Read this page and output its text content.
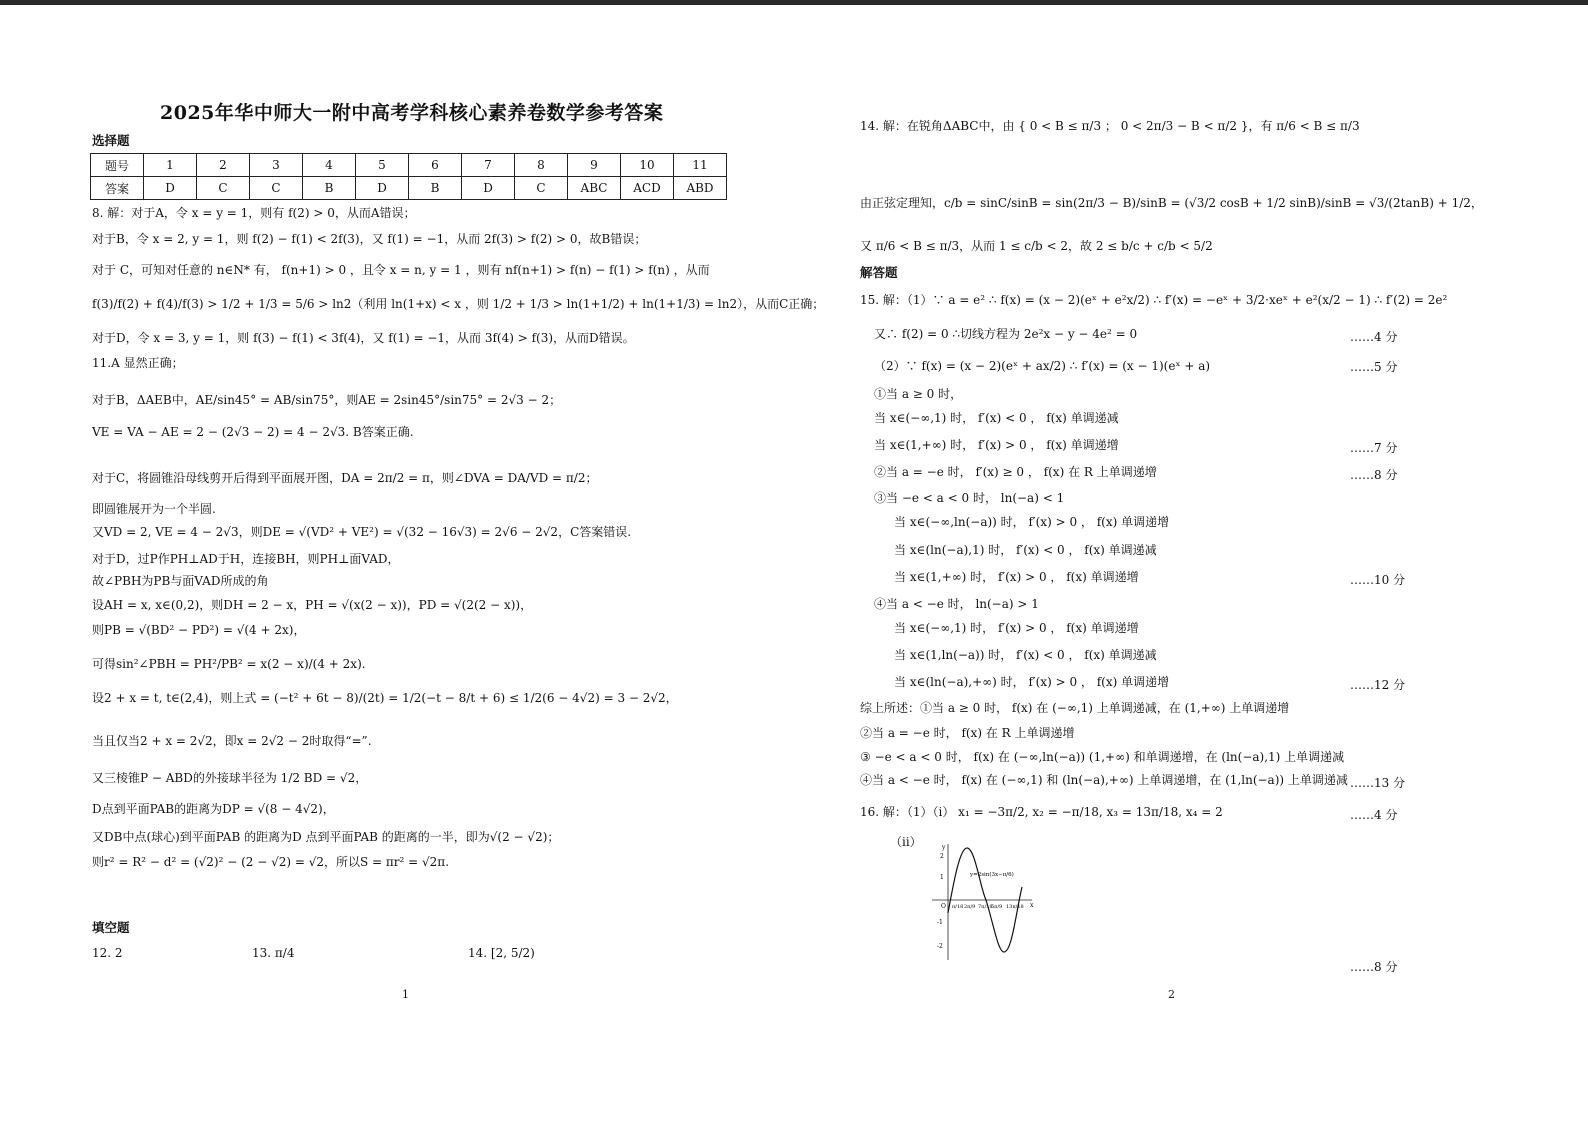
2025年华中师大一附中高考学科核心素养卷数学参考答案
选择题
题号	1	2	3	4	5	6	7	8	9	10	11
答案	D	C	C	B	D	B	D	C	ABC	ACD	ABD
8. 解：对于A，令 x = y = 1，则有 f(2) > 0，从而A错误；
对于B，令 x = 2, y = 1，则 f(2) − f(1) < 2f(3)，又 f(1) = −1，从而 2f(3) > f(2) > 0，故B错误；
对于 C，可知对任意的 n∈N* 有， f(n+1) > 0 ，且令 x = n, y = 1 ，则有 nf(n+1) > f(n) − f(1) > f(n) ，从而
f(3)/f(2) + f(4)/f(3) > 1/2 + 1/3 = 5/6 > ln2（利用 ln(1+x) < x ，则 1/2 + 1/3 > ln(1+1/2) + ln(1+1/3) = ln2），从而C正确；
对于D，令 x = 3, y = 1，则 f(3) − f(1) < 3f(4)，又 f(1) = −1，从而 3f(4) > f(3)，从而D错误。
11.A 显然正确；
对于B，ΔAEB中，AE/sin45° = AB/sin75°，则AE = 2sin45°/sin75° = 2√3 − 2；
VE = VA − AE = 2 − (2√3 − 2) = 4 − 2√3. B答案正确.
对于C，将圆锥沿母线剪开后得到平面展开图，DA = 2π/2 = π，则∠DVA = DA/VD = π/2；
即圆锥展开为一个半圆.
又VD = 2, VE = 4 − 2√3，则DE = √(VD² + VE²) = √(32 − 16√3) = 2√6 − 2√2，C答案错误.
对于D，过P作PH⊥AD于H，连接BH，则PH⊥面VAD，
故∠PBH为PB与面VAD所成的角
设AH = x, x∈(0,2)，则DH = 2 − x，PH = √(x(2 − x))，PD = √(2(2 − x))，
则PB = √(BD² − PD²) = √(4 + 2x)，
可得sin²∠PBH = PH²/PB² = x(2 − x)/(4 + 2x).
设2 + x = t, t∈(2,4)，则上式 = (−t² + 6t − 8)/(2t) = 1/2(−t − 8/t + 6) ≤ 1/2(6 − 4√2) = 3 − 2√2，
当且仅当2 + x = 2√2，即x = 2√2 − 2时取得“=”.
又三棱锥P − ABD的外接球半径为 1/2 BD = √2，
D点到平面PAB的距离为DP = √(8 − 4√2)，
又DB中点(球心)到平面PAB 的距离为D 点到平面PAB 的距离的一半，即为√(2 − √2)；
则r² = R² − d² = (√2)² − (2 − √2) = √2，所以S = πr² = √2π.
填空题
12. 2	13. π/4	14. [2, 5/2)
1
14. 解：在锐角ΔABC中，由 { 0 < B ≤ π/3 ； 0 < 2π/3 − B < π/2 }，有 π/6 < B ≤ π/3
由正弦定理知，c/b = sinC/sinB = sin(2π/3 − B)/sinB = (√3/2 cosB + 1/2 sinB)/sinB = √3/(2tanB) + 1/2，
又 π/6 < B ≤ π/3，从而 1 ≤ c/b < 2，故 2 ≤ b/c + c/b < 5/2
解答题
15. 解：（1）∵ a = e² ∴ f(x) = (x − 2)(eˣ + e²x/2) ∴ f′(x) = −eˣ + 3/2·xeˣ + e²(x/2 − 1) ∴ f′(2) = 2e²
又∴ f(2) = 0 ∴切线方程为 2e²x − y − 4e² = 0	……4 分
（2）∵ f(x) = (x − 2)(eˣ + ax/2) ∴ f′(x) = (x − 1)(eˣ + a)	……5 分
①当 a ≥ 0 时，
当 x∈(−∞,1) 时， f′(x) < 0 ， f(x) 单调递减
当 x∈(1,+∞) 时， f′(x) > 0 ， f(x) 单调递增	……7 分
②当 a = −e 时， f′(x) ≥ 0 ， f(x) 在 R 上单调递增	……8 分
③当 −e < a < 0 时， ln(−a) < 1
当 x∈(−∞,ln(−a)) 时， f′(x) > 0 ， f(x) 单调递增
当 x∈(ln(−a),1) 时， f′(x) < 0 ， f(x) 单调递减
当 x∈(1,+∞) 时， f′(x) > 0 ， f(x) 单调递增	……10 分
④当 a < −e 时， ln(−a) > 1
当 x∈(−∞,1) 时， f′(x) > 0 ， f(x) 单调递增
当 x∈(1,ln(−a)) 时， f′(x) < 0 ， f(x) 单调递减
当 x∈(ln(−a),+∞) 时， f′(x) > 0 ， f(x) 单调递增	……12 分
综上所述：①当 a ≥ 0 时， f(x) 在 (−∞,1) 上单调递减，在 (1,+∞) 上单调递增
②当 a = −e 时， f(x) 在 R 上单调递增
③ −e < a < 0 时， f(x) 在 (−∞,ln(−a)) (1,+∞) 和单调递增，在 (ln(−a),1) 上单调递减
④当 a < −e 时， f(x) 在 (−∞,1) 和 (ln(−a),+∞) 上单调递增，在 (1,ln(−a)) 上单调递减 ……13 分
16. 解：（1）（i） x₁ = −3π/2, x₂ = −π/18, x₃ = 13π/18, x₄ = 2	……4 分
（ii）	y
x
2
1
-1
-2
O π/18 2π/9 7π/18
5π/9 13π/18
y=2sin(3x−π/6)
……8 分
2
